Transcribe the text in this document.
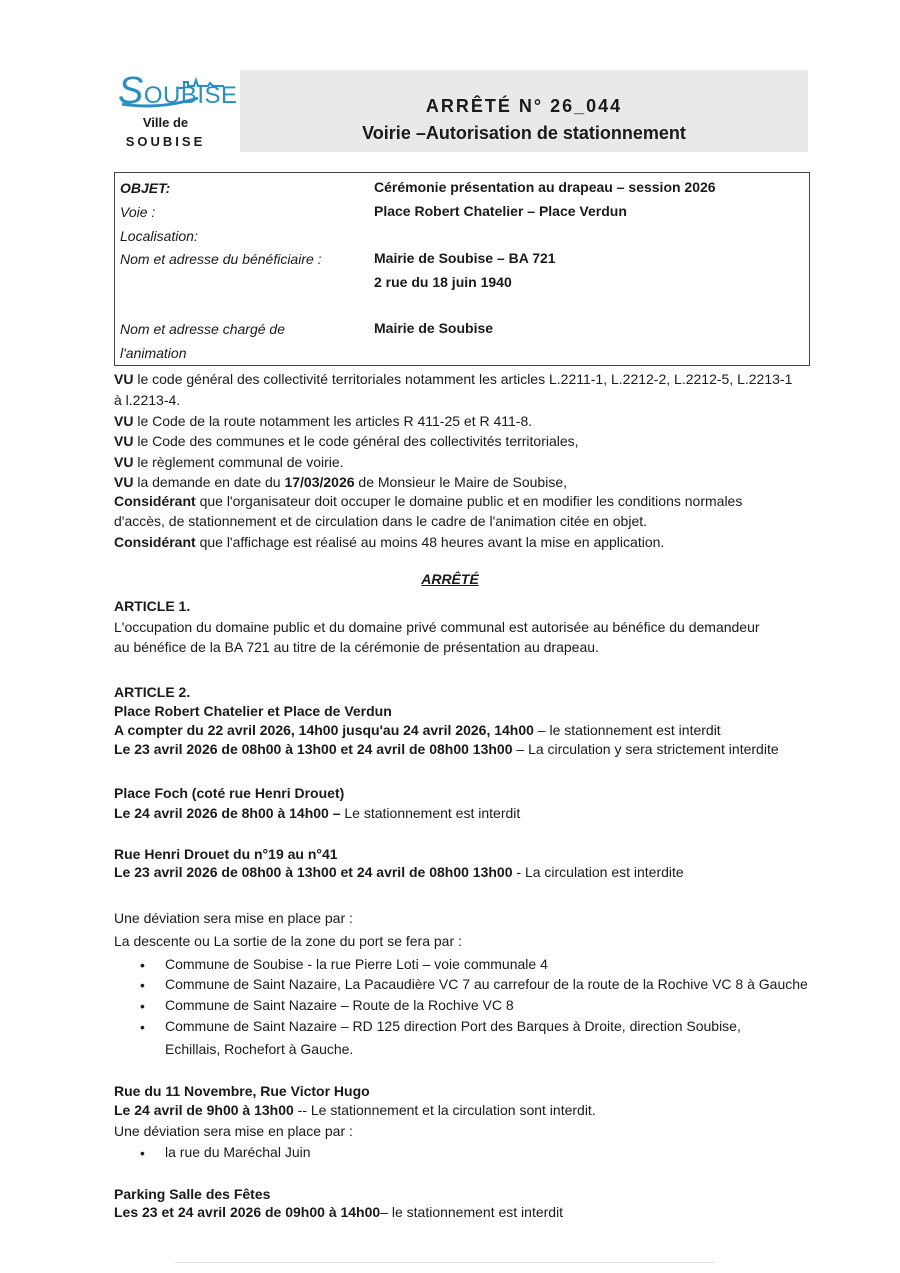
SOUBISE
Ville de
SOUBISE
ARRÊTÉ N° 26_044
Voirie –Autorisation de stationnement
OBJET:
Voie :
Localisation:
Nom et adresse du bénéficiaire :
Nom et adresse chargé de
l'animation
Cérémonie présentation au drapeau – session 2026
Place Robert Chatelier – Place Verdun
Mairie de Soubise – BA 721
2 rue du 18 juin 1940
Mairie de Soubise
VU le code général des collectivité territoriales notamment les articles L.2211-1, L.2212-2, L.2212-5, L.2213-1
à l.2213-4.
VU le Code de la route notamment les articles R 411-25 et R 411-8.
VU le Code des communes et le code général des collectivités territoriales,
VU le règlement communal de voirie.
VU la demande en date du 17/03/2026 de Monsieur le Maire de Soubise,
Considérant que l'organisateur doit occuper le domaine public et en modifier les conditions normales
d'accès, de stationnement et de circulation dans le cadre de l'animation citée en objet.
Considérant que l'affichage est réalisé au moins 48 heures avant la mise en application.
ARRÊTÉ
ARTICLE 1.
L'occupation du domaine public et du domaine privé communal est autorisée au bénéfice du demandeur
au bénéfice de la BA 721 au titre de la cérémonie de présentation au drapeau.
ARTICLE 2.
Place Robert Chatelier et Place de Verdun
A compter du 22 avril 2026, 14h00 jusqu'au 24 avril 2026, 14h00 – le stationnement est interdit
Le 23 avril 2026 de 08h00 à 13h00 et 24 avril de 08h00 13h00 – La circulation y sera strictement interdite
Place Foch (coté rue Henri Drouet)
Le 24 avril 2026 de 8h00 à 14h00 – Le stationnement est interdit
Rue Henri Drouet du n°19 au n°41
Le 23 avril 2026 de 08h00 à 13h00 et 24 avril de 08h00 13h00 - La circulation est interdite
Une déviation sera mise en place par :
La descente ou La sortie de la zone du port se fera par :
• Commune de Soubise - la rue Pierre Loti – voie communale 4
• Commune de Saint Nazaire, La Pacaudière VC 7 au carrefour de la route de la Rochive VC 8 à Gauche
• Commune de Saint Nazaire – Route de la Rochive VC 8
• Commune de Saint Nazaire – RD 125 direction Port des Barques à Droite, direction Soubise,
Echillais, Rochefort à Gauche.
Rue du 11 Novembre, Rue Victor Hugo
Le 24 avril de 9h00 à 13h00 -- Le stationnement et la circulation sont interdit.
Une déviation sera mise en place par :
• la rue du Maréchal Juin
Parking Salle des Fêtes
Les 23 et 24 avril 2026 de 09h00 à 14h00– le stationnement est interdit
